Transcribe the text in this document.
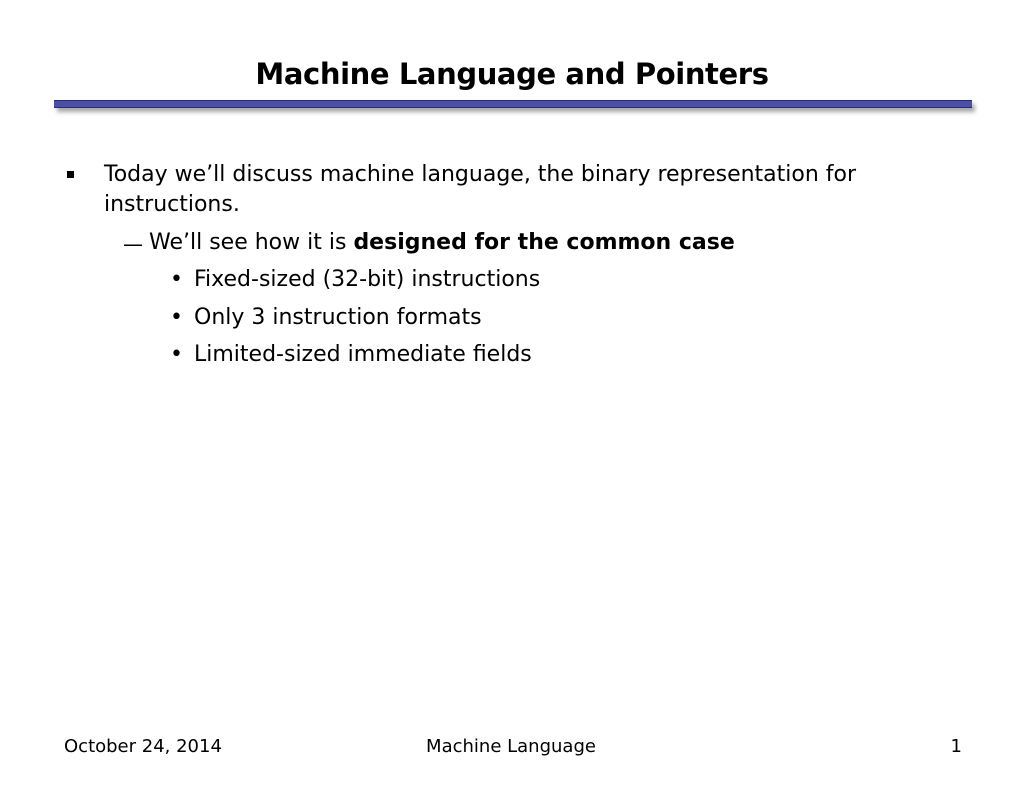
Machine Language and Pointers
Today we’ll discuss machine language, the binary representation for instructions.
— We’ll see how it is designed for the common case
• Fixed-sized (32-bit) instructions
• Only 3 instruction formats
• Limited-sized immediate fields
October 24, 2014	Machine Language	1
